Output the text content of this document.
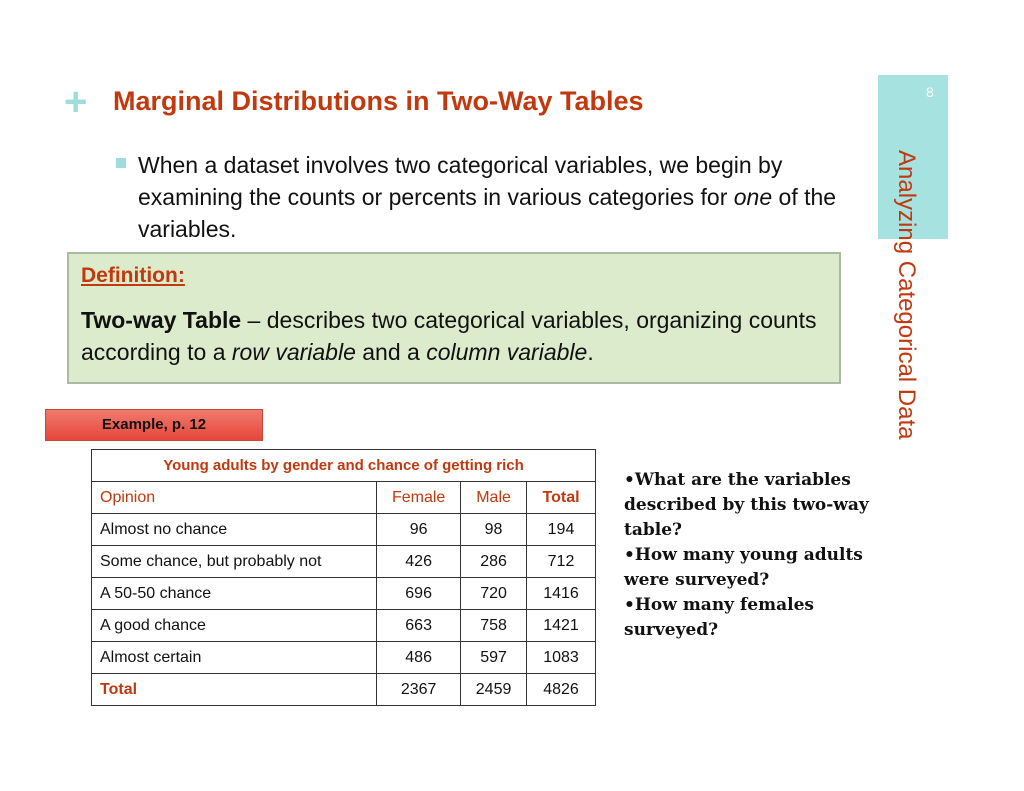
+ Marginal Distributions in Two-Way Tables	8
Analyzing Categorical Data

When a dataset involves two categorical variables, we begin by examining the counts or percents in various categories for one of the variables.

Definition:

Two-way Table – describes two categorical variables, organizing counts according to a row variable and a column variable.

Example, p. 12
Young adults by gender and chance of getting rich			
Opinion	Female	Male	Total
Almost no chance	96	98	194
Some chance, but probably not	426	286	712
A 50-50 chance	696	720	1416
A good chance	663	758	1421
Almost certain	486	597	1083
Total	2367	2459	4826
•What are the variables described by this two-way table?
•How many young adults were surveyed?
•How many females surveyed?
